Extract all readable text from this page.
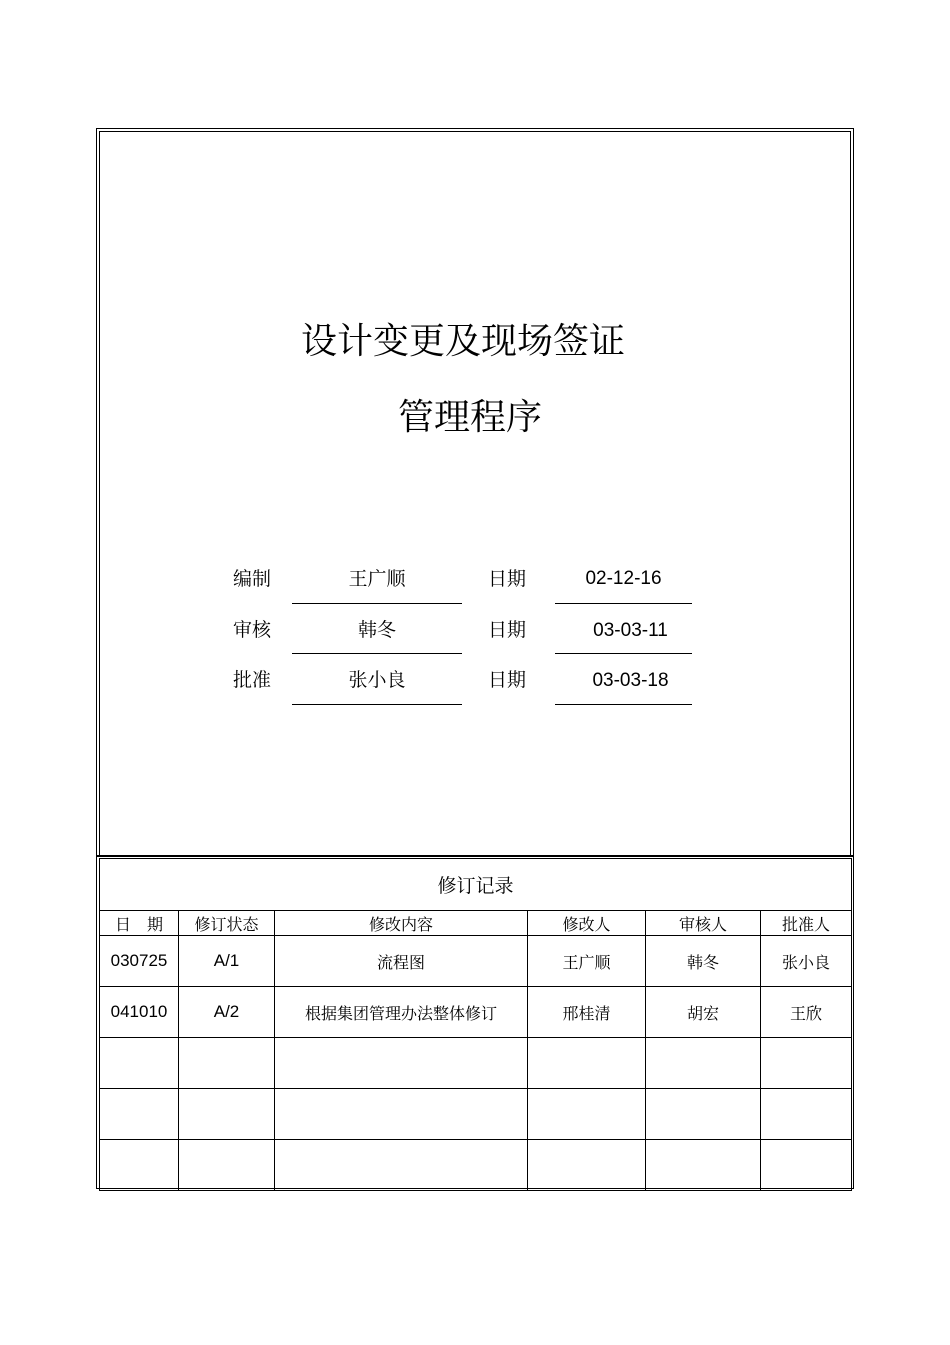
设计变更及现场签证
管理程序
编制	王广顺	日期	02-12-16
审核	韩冬	日期	03-03-11
批准	张小良	日期	03-03-18
修订记录					
日　期	修订状态	修改内容	修改人	审核人	批准人
030725	A/1	流程图	王广顺	韩冬	张小良
041010	A/2	根据集团管理办法整体修订	邢桂清	胡宏	王欣
